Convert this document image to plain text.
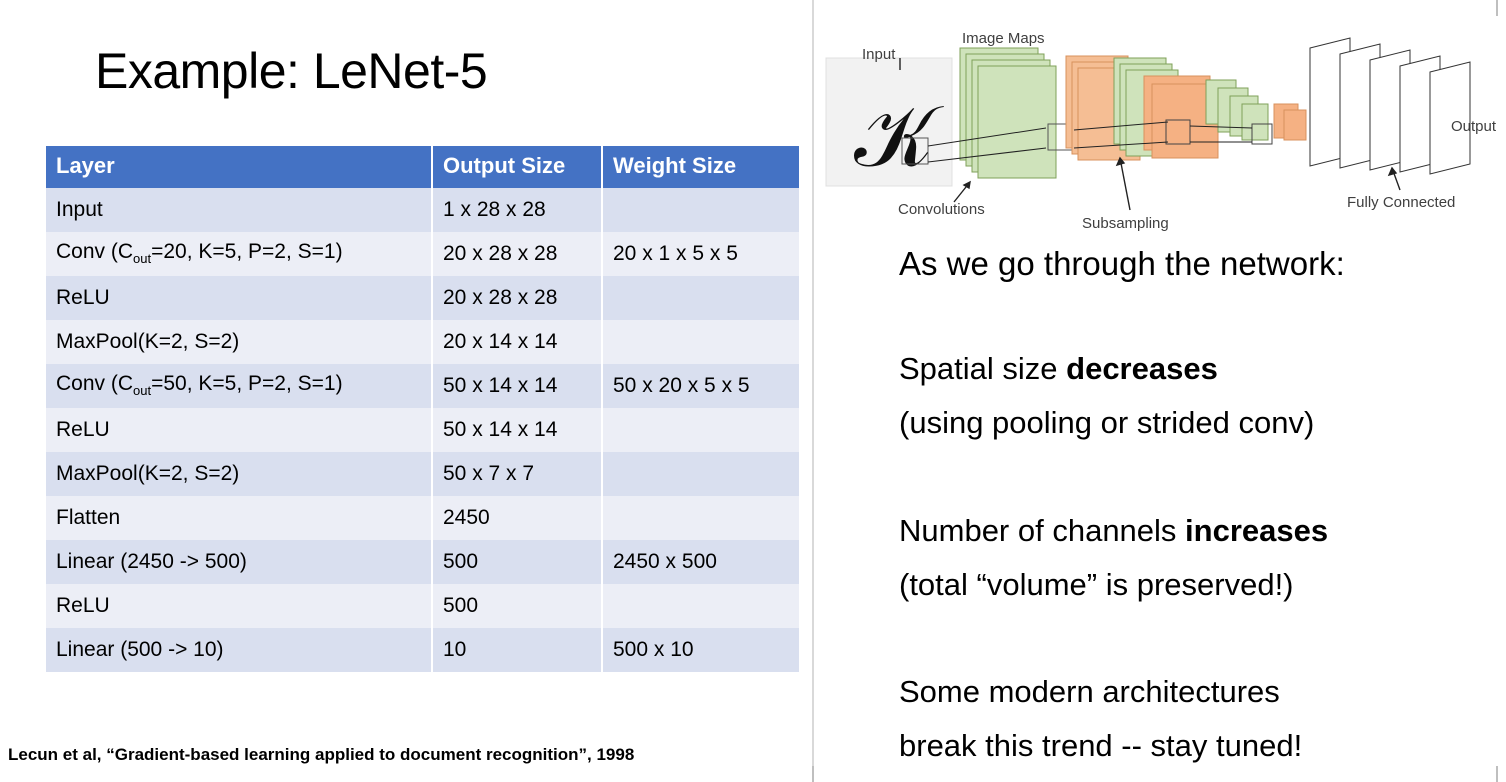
Example: LeNet-5
Layer	Output Size	Weight Size
Input	1 x 28 x 28	
Conv ($C_{out}=20$, K=5, P=2, S=1)	20 x 28 x 28	20 x 1 x 5 x 5
ReLU	20 x 28 x 28	
MaxPool(K=2, S=2)	20 x 14 x 14	
Conv ($C_{out}=50$, K=5, P=2, S=1)	50 x 14 x 14	50 x 20 x 5 x 5
ReLU	50 x 14 x 14	
MaxPool(K=2, S=2)	50 x 7 x 7	
Flatten	2450	
Linear (2450 -> 500)	500	2450 x 500
ReLU	500	
Linear (500 -> 10)	10	500 x 10
Lecun et al, “Gradient-based learning applied to document recognition”, 1998
𝒦
Input
Image Maps
Output
Convolutions
Subsampling
Fully Connected
As we go through the network:
Spatial size decreases
(using pooling or strided conv)
Number of channels increases
(total “volume” is preserved!)
Some modern architectures
break this trend -- stay tuned!
